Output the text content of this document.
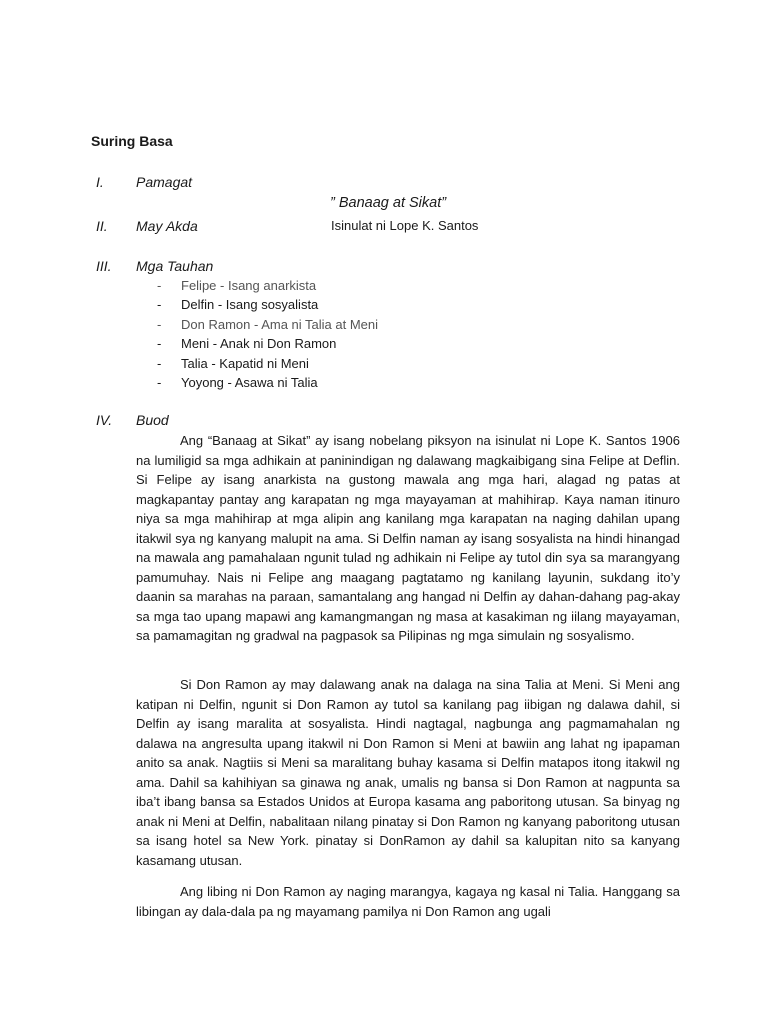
Suring Basa
I.	Pamagat
” Banaag at Sikat”
II.	May Akda	Isinulat ni Lope K. Santos
III.	Mga Tauhan
- Felipe - Isang anarkista
- Delfin - Isang sosyalista
- Don Ramon - Ama ni Talia at Meni
- Meni - Anak ni Don Ramon
- Talia - Kapatid ni Meni
- Yoyong - Asawa ni Talia
IV.	Buod

Ang “Banaag at Sikat” ay isang nobelang piksyon na isinulat ni Lope K. Santos 1906 na lumiligid sa mga adhikain at paninindigan ng dalawang magkaibigang sina Felipe at Deflin. Si Felipe ay isang anarkista na gustong mawala ang mga hari, alagad ng patas at magkapantay pantay ang karapatan ng mga mayayaman at mahihirap. Kaya naman itinuro niya sa mga mahihirap at mga alipin ang kanilang mga karapatan na naging dahilan upang itakwil sya ng kanyang malupit na ama. Si Delfin naman ay isang sosyalista na hindi hinangad na mawala ang pamahalaan ngunit tulad ng adhikain ni Felipe ay tutol din sya sa marangyang pamumuhay. Nais ni Felipe ang maagang pagtatamo ng kanilang layunin, sukdang ito’y daanin sa marahas na paraan, samantalang ang hangad ni Delfin ay dahan-dahang pag-akay sa mga tao upang mapawi ang kamangmangan ng masa at kasakiman ng iilang mayayaman, sa pamamagitan ng gradwal na pagpasok sa Pilipinas ng mga simulain ng sosyalismo.

Si Don Ramon ay may dalawang anak na dalaga na sina Talia at Meni. Si Meni ang katipan ni Delfin, ngunit si Don Ramon ay tutol sa kanilang pag iibigan ng dalawa dahil, si Delfin ay isang maralita at sosyalista. Hindi nagtagal, nagbunga ang pagmamahalan ng dalawa na angresulta upang itakwil ni Don Ramon si Meni at bawiin ang lahat ng ipapaman anito sa anak. Nagtiis si Meni sa maralitang buhay kasama si Delfin matapos itong itakwil ng ama. Dahil sa kahihiyan sa ginawa ng anak, umalis ng bansa si Don Ramon at nagpunta sa iba’t ibang bansa sa Estados Unidos at Europa kasama ang paboritong utusan. Sa binyag ng anak ni Meni at Delfin, nabalitaan nilang pinatay si Don Ramon ng kanyang paboritong utusan sa isang hotel sa New York. pinatay si DonRamon ay dahil sa kalupitan nito sa kanyang kasamang utusan.

Ang libing ni Don Ramon ay naging marangya, kagaya ng kasal ni Talia. Hanggang sa libingan ay dala-dala pa ng mayamang pamilya ni Don Ramon ang ugali
